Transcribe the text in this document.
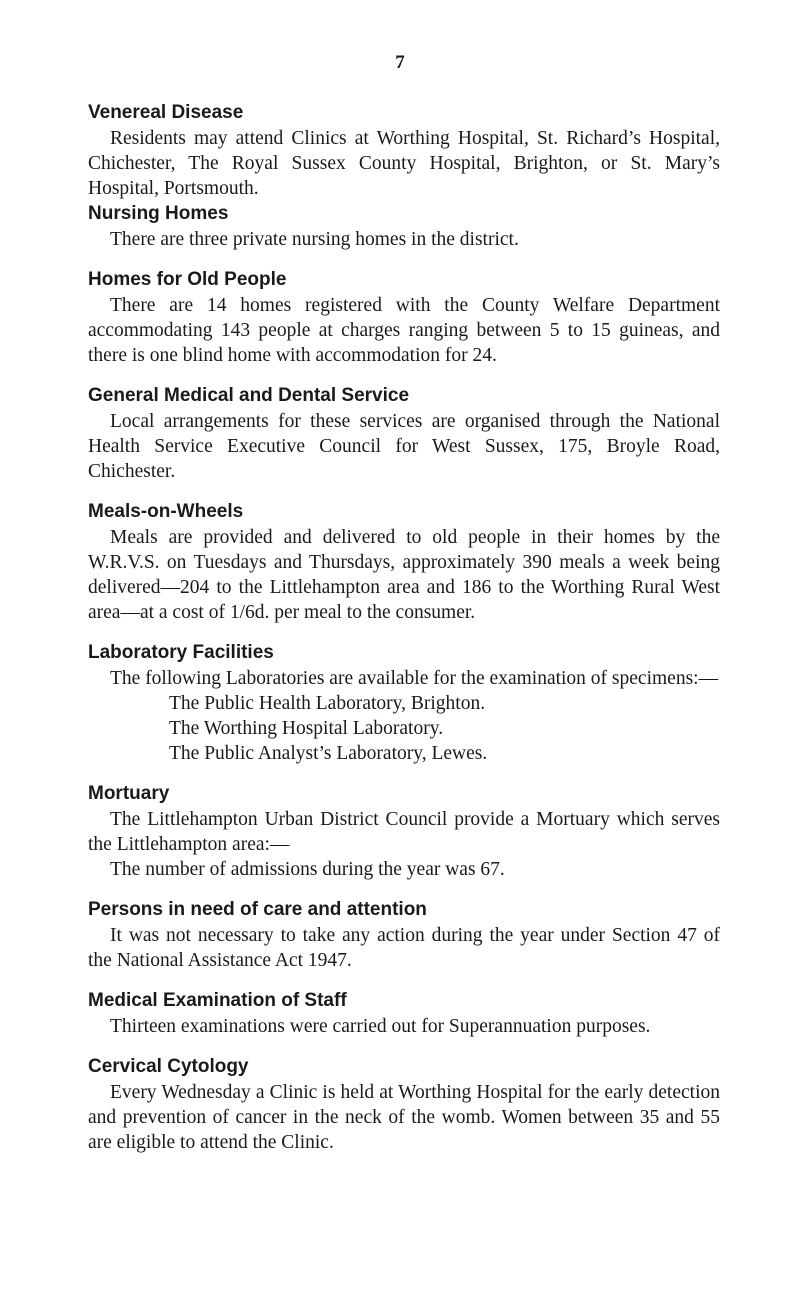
7
Venereal Disease

Residents may attend Clinics at Worthing Hospital, St. Richard’s Hospital, Chichester, The Royal Sussex County Hospital, Brighton, or St. Mary’s Hospital, Portsmouth.

Nursing Homes

There are three private nursing homes in the district.

Homes for Old People

There are 14 homes registered with the County Welfare Department accommodating 143 people at charges ranging between 5 to 15 guineas, and there is one blind home with accommodation for 24.

General Medical and Dental Service

Local arrangements for these services are organised through the National Health Service Executive Council for West Sussex, 175, Broyle Road, Chichester.

Meals-on-Wheels

Meals are provided and delivered to old people in their homes by the W.R.V.S. on Tuesdays and Thursdays, approximately 390 meals a week being delivered—204 to the Littlehampton area and 186 to the Worthing Rural West area—at a cost of 1/6d. per meal to the consumer.

Laboratory Facilities

The following Laboratories are available for the examination of specimens:—

The Public Health Laboratory, Brighton.
The Worthing Hospital Laboratory.
The Public Analyst’s Laboratory, Lewes.
Mortuary

The Littlehampton Urban District Council provide a Mortuary which serves the Littlehampton area:—

The number of admissions during the year was 67.

Persons in need of care and attention

It was not necessary to take any action during the year under Section 47 of the National Assistance Act 1947.

Medical Examination of Staff

Thirteen examinations were carried out for Superannuation purposes.

Cervical Cytology

Every Wednesday a Clinic is held at Worthing Hospital for the early detection and prevention of cancer in the neck of the womb. Women between 35 and 55 are eligible to attend the Clinic.
